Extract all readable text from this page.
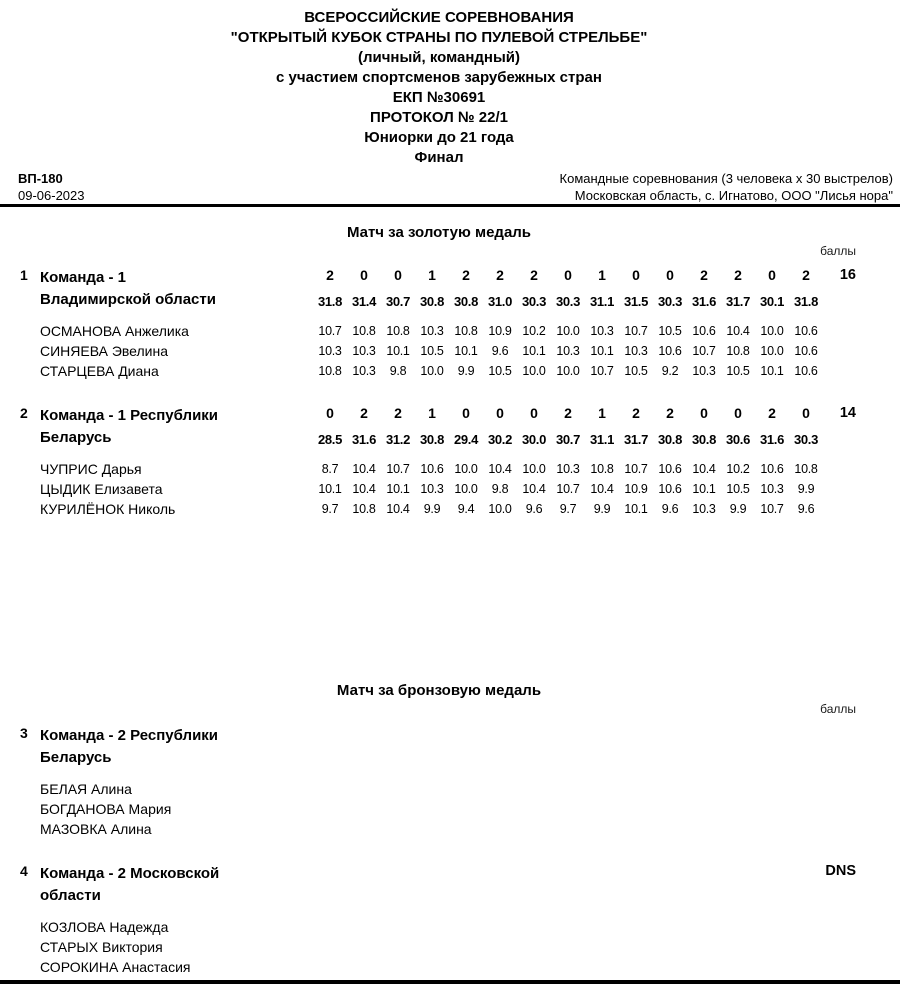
ВСЕРОССИЙСКИЕ СОРЕВНОВАНИЯ
"ОТКРЫТЫЙ КУБОК СТРАНЫ ПО ПУЛЕВОЙ СТРЕЛЬБЕ"
(личный, командный)
с участием спортсменов зарубежных стран
ЕКП №30691
ПРОТОКОЛ № 22/1
Юниорки до 21 года
Финал
ВП-180
09-06-2023
Командные соревнования (3 человека x 30 выстрелов)
Московская область, с. Игнатово, ООО "Лисья нора"
Матч за золотую медаль
баллы
1 Команда - 1
Владимирской области
2	0	0	1	2	2	2	0	1	0	0	2	2	0	2	16
31.8 31.4 30.7 30.8 30.8 31.0 30.3 30.3 31.1 31.5 30.3 31.6 31.7 30.1 31.8
ОСМАНОВА Анжелика	10.7 10.8 10.8 10.3 10.8 10.9 10.2 10.0 10.3 10.7 10.5 10.6 10.4 10.0 10.6
СИНЯЕВА Эвелина	10.3 10.3 10.1 10.5 10.1	9.6	10.1 10.3 10.1 10.3 10.6 10.7 10.8 10.0 10.6
СТАРЦЕВА Диана	10.8 10.3	9.8	10.0	9.9	10.5 10.0 10.0 10.7 10.5	9.2	10.3 10.5 10.1 10.6
2 Команда - 1 Республики
Беларусь
0	2	2	1	0	0	0	2	1	2	2	0	0	2	0	14
28.5 31.6 31.2 30.8 29.4 30.2 30.0 30.7 31.1 31.7 30.8 30.8 30.6 31.6 30.3
ЧУПРИС Дарья	8.7	10.4 10.7 10.6 10.0 10.4 10.0 10.3 10.8 10.7 10.6 10.4 10.2 10.6 10.8
ЦЫДИК Елизавета	10.1 10.4 10.1 10.3 10.0	9.8	10.4 10.7 10.4 10.9 10.6 10.1 10.5 10.3	9.9
КУРИЛЁНОК Николь	9.7	10.8 10.4	9.9	9.4	10.0	9.6	9.7	9.9	10.1	9.6	10.3	9.9	10.7	9.6
Матч за бронзовую медаль
баллы
3 Команда - 2 Республики
Беларусь
БЕЛАЯ Алина
БОГДАНОВА Мария
МАЗОВКА Алина
4 Команда - 2 Московской
области
DNS
КОЗЛОВА Надежда
СТАРЫХ Виктория
СОРОКИНА Анастасия
